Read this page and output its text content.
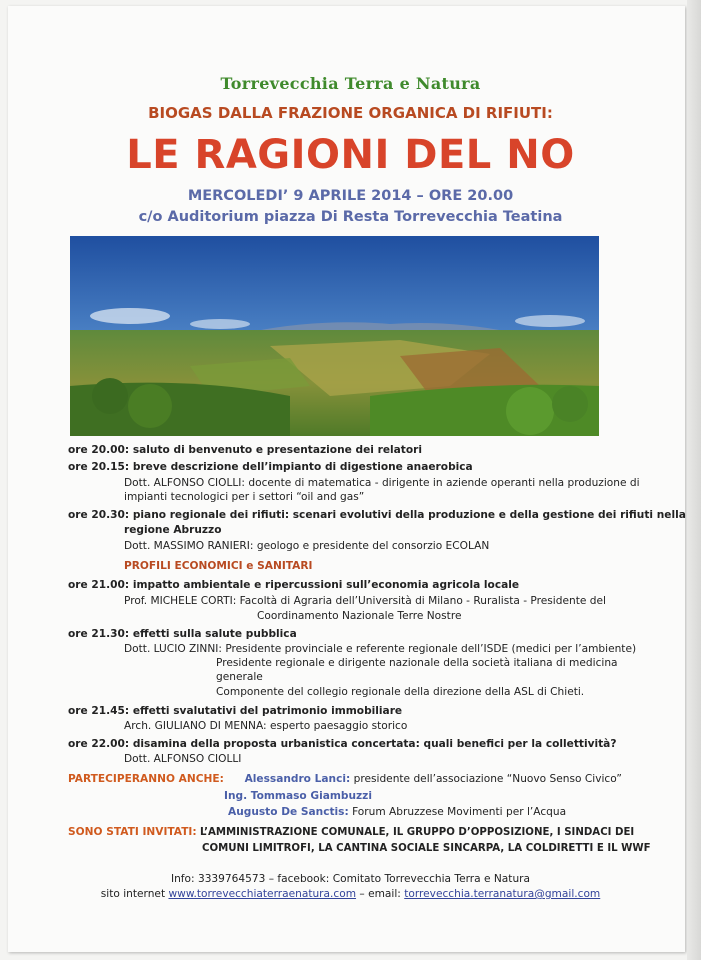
Torrevecchia Terra e Natura
BIOGAS DALLA FRAZIONE ORGANICA DI RIFIUTI:
LE RAGIONI DEL NO
MERCOLEDI’ 9 APRILE 2014 – ORE 20.00
c/o Auditorium piazza Di Resta Torrevecchia Teatina
ore 20.00: saluto di benvenuto e presentazione dei relatori
ore 20.15: breve descrizione dell’impianto di digestione anaerobica
Dott. ALFONSO CIOLLI: docente di matematica - dirigente in aziende operanti nella produzione di
impianti tecnologici per i settori “oil and gas”
ore 20.30: piano regionale dei rifiuti: scenari evolutivi della produzione e della gestione dei rifiuti nella
regione Abruzzo
Dott. MASSIMO RANIERI: geologo e presidente del consorzio ECOLAN
PROFILI ECONOMICI e SANITARI
ore 21.00: impatto ambientale e ripercussioni sull’economia agricola locale
Prof. MICHELE CORTI: Facoltà di Agraria dell’Università di Milano - Ruralista - Presidente del
Coordinamento Nazionale Terre Nostre
ore 21.30: effetti sulla salute pubblica
Dott. LUCIO ZINNI: Presidente provinciale e referente regionale dell’ISDE (medici per l’ambiente)
Presidente regionale e dirigente nazionale della società italiana di medicina
generale
Componente del collegio regionale della direzione della ASL di Chieti.
ore 21.45: effetti svalutativi del patrimonio immobiliare
Arch. GIULIANO DI MENNA: esperto paesaggio storico
ore 22.00: disamina della proposta urbanistica concertata: quali benefici per la collettività?
Dott. ALFONSO CIOLLI
PARTECIPERANNO ANCHE: Alessandro Lanci: presidente dell’associazione “Nuovo Senso Civico”
Ing. Tommaso Giambuzzi
Augusto De Sanctis: Forum Abruzzese Movimenti per l’Acqua
SONO STATI INVITATI: L’AMMINISTRAZIONE COMUNALE, IL GRUPPO D’OPPOSIZIONE, I SINDACI DEI
COMUNI LIMITROFI, LA CANTINA SOCIALE SINCARPA, LA COLDIRETTI E IL WWF
Info: 3339764573 – facebook: Comitato Torrevecchia Terra e Natura
sito internet www.torrevecchiaterraenatura.com – email: torrevecchia.terranatura@gmail.com
